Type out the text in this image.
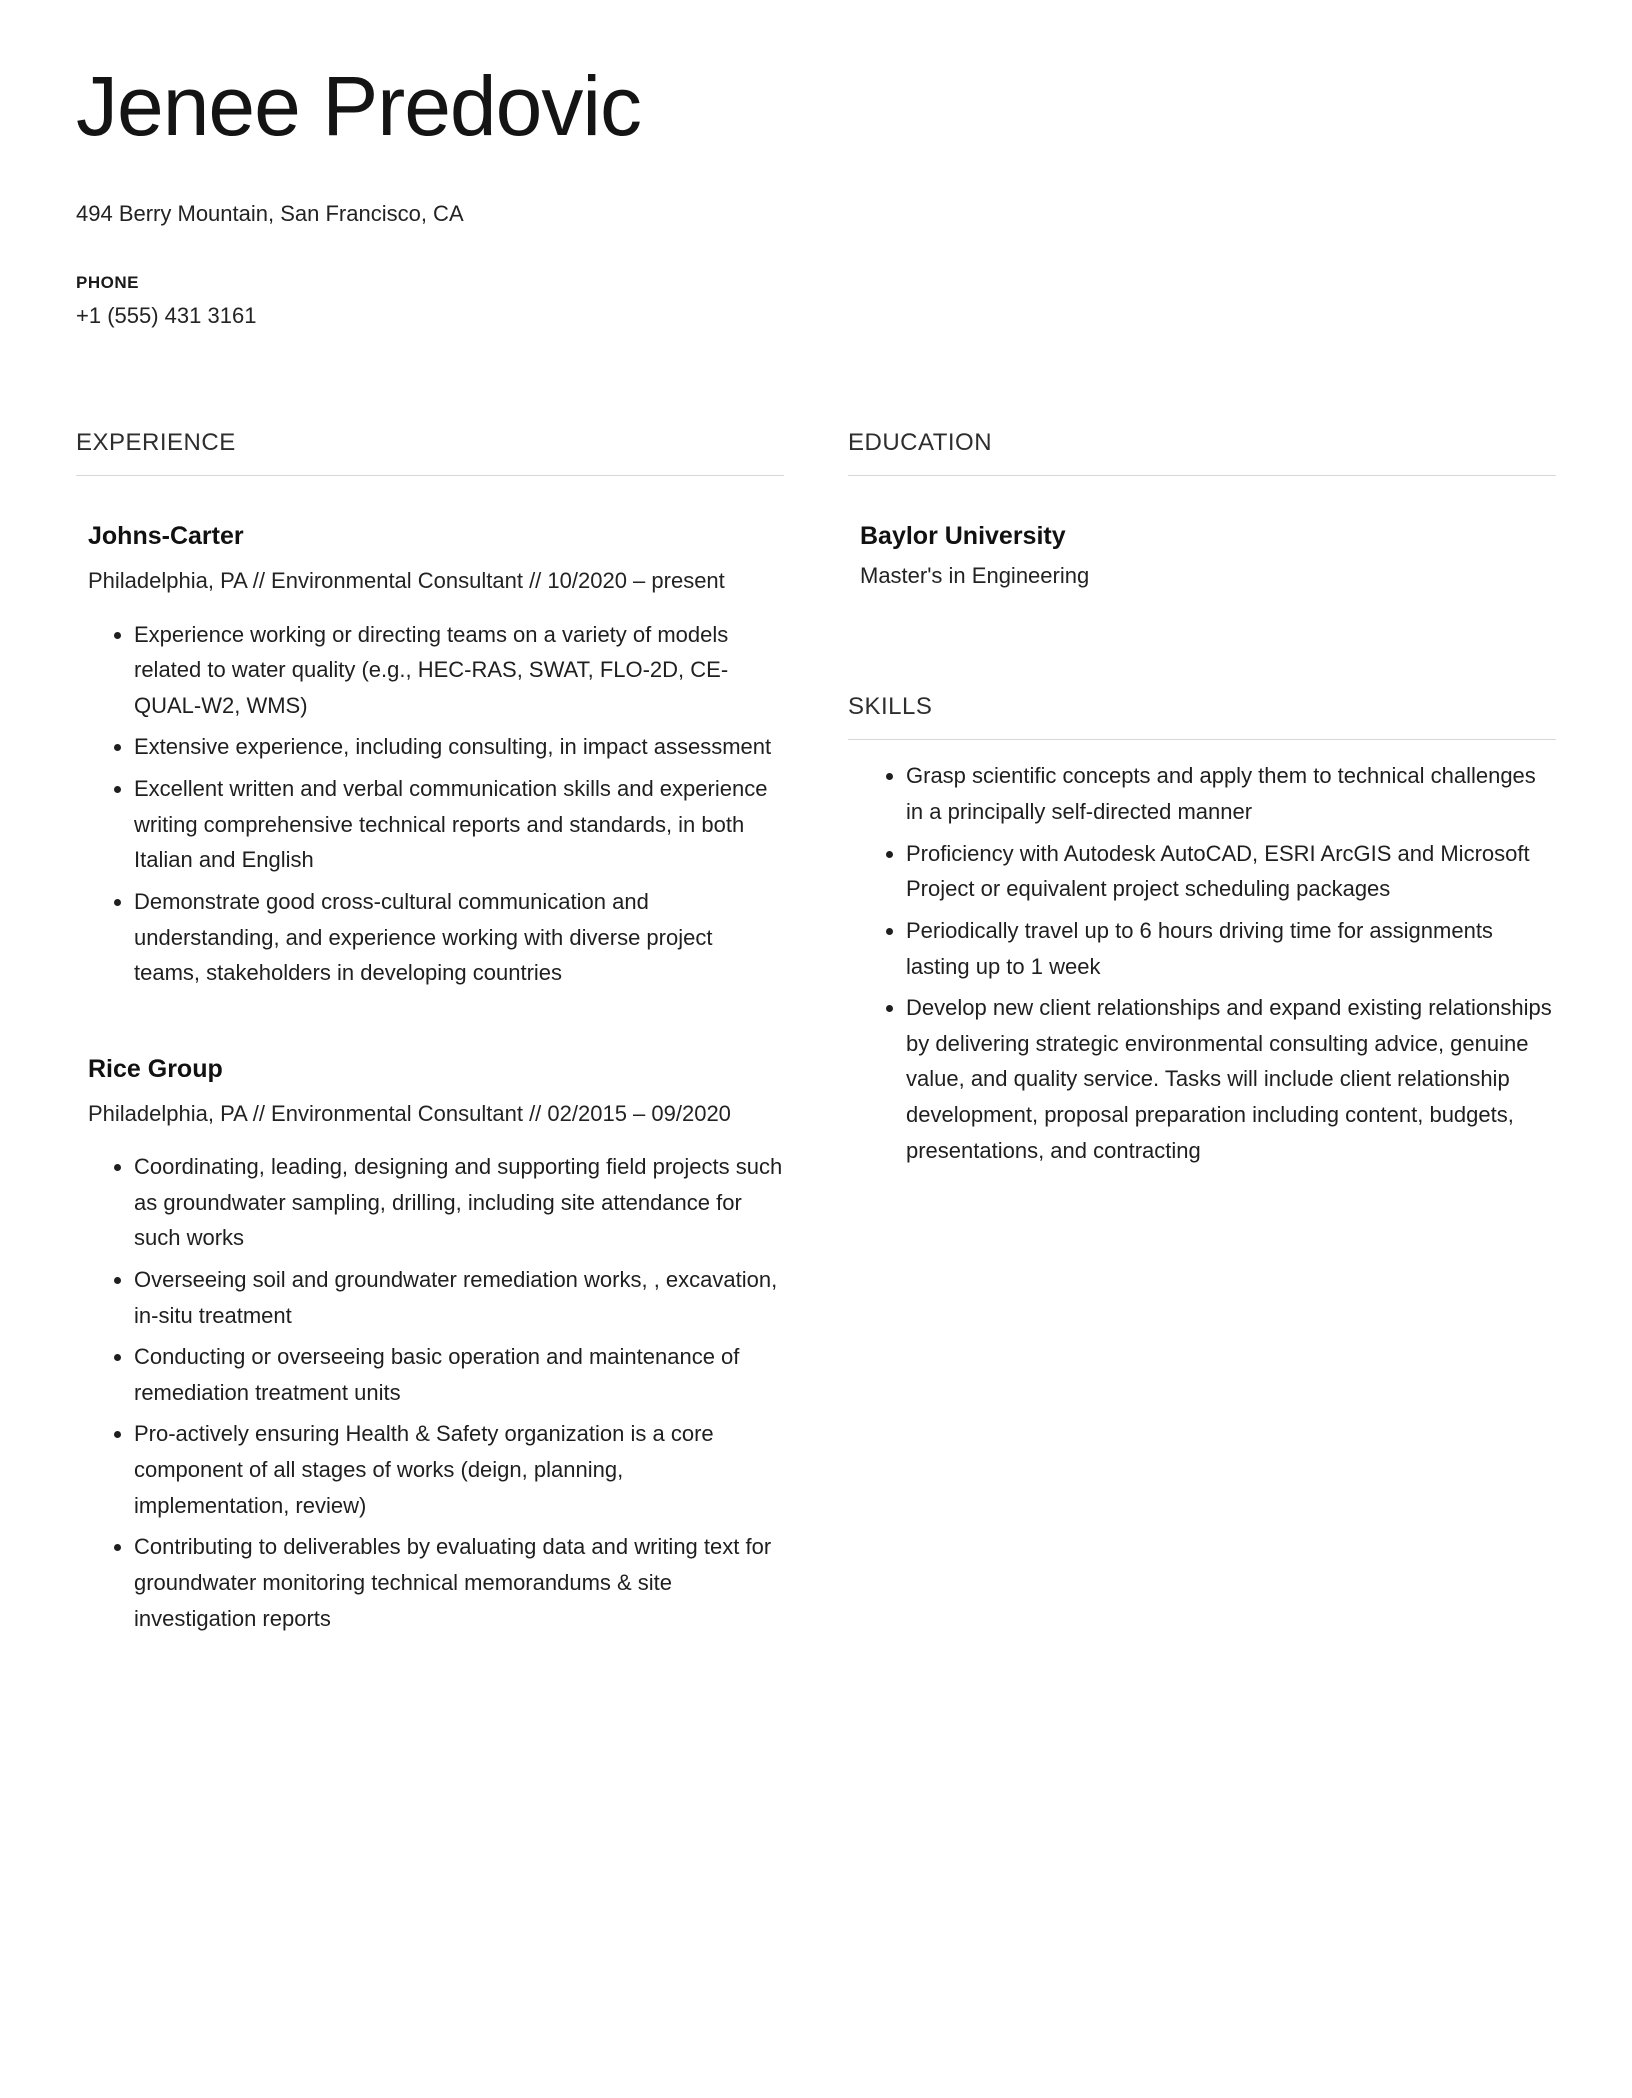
Jenee Predovic
494 Berry Mountain, San Francisco, CA
PHONE
+1 (555) 431 3161
EXPERIENCE
Johns-Carter
Philadelphia, PA // Environmental Consultant // 10/2020 – present
• Experience working or directing teams on a variety of models related to water quality (e.g., HEC-RAS, SWAT, FLO-2D, CE-QUAL-W2, WMS)
• Extensive experience, including consulting, in impact assessment
• Excellent written and verbal communication skills and experience writing comprehensive technical reports and standards, in both Italian and English
• Demonstrate good cross-cultural communication and understanding, and experience working with diverse project teams, stakeholders in developing countries
Rice Group
Philadelphia, PA // Environmental Consultant // 02/2015 – 09/2020
• Coordinating, leading, designing and supporting field projects such as groundwater sampling, drilling, including site attendance for such works
• Overseeing soil and groundwater remediation works, , excavation, in-situ treatment
• Conducting or overseeing basic operation and maintenance of remediation treatment units
• Pro-actively ensuring Health & Safety organization is a core component of all stages of works (deign, planning, implementation, review)
• Contributing to deliverables by evaluating data and writing text for groundwater monitoring technical memorandums & site investigation reports
EDUCATION
Baylor University
Master's in Engineering
SKILLS
• Grasp scientific concepts and apply them to technical challenges in a principally self-directed manner
• Proficiency with Autodesk AutoCAD, ESRI ArcGIS and Microsoft Project or equivalent project scheduling packages
• Periodically travel up to 6 hours driving time for assignments lasting up to 1 week
• Develop new client relationships and expand existing relationships by delivering strategic environmental consulting advice, genuine value, and quality service. Tasks will include client relationship development, proposal preparation including content, budgets, presentations, and contracting
